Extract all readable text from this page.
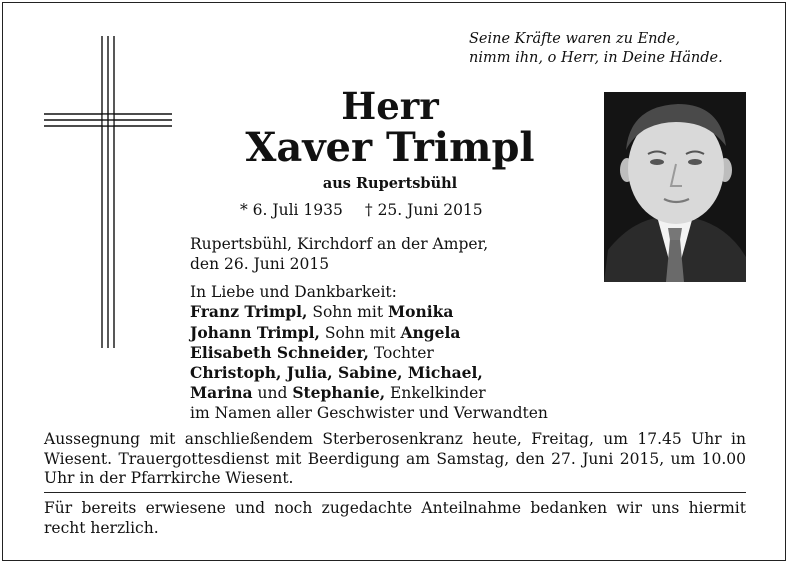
Seine Kräfte waren zu Ende,
nimm ihn, o Herr, in Deine Hände.
Herr
Xaver Trimpl
aus Rupertsbühl
* 6. Juli 1935 † 25. Juni 2015
Rupertsbühl, Kirchdorf an der Amper,
den 26. Juni 2015
In Liebe und Dankbarkeit:
Franz Trimpl, Sohn mit Monika
Johann Trimpl, Sohn mit Angela
Elisabeth Schneider, Tochter
Christoph, Julia, Sabine, Michael,
Marina und Stephanie, Enkelkinder
im Namen aller Geschwister und Verwandten
Aussegnung mit anschließendem Sterberosenkranz heute, Freitag, um 17.45 Uhr in Wiesent. Trauergottesdienst mit Beerdigung am Samstag, den 27. Juni 2015, um 10.00 Uhr in der Pfarrkirche Wiesent.
Für bereits erwiesene und noch zugedachte Anteilnahme bedanken wir uns hiermit recht herzlich.
